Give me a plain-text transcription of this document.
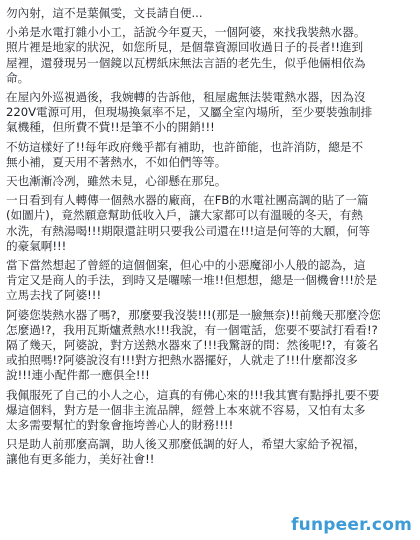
勿內射，這不是葉佩雯，文長請自便...
小弟是水電打雜小小工，話說今年夏天，一個阿婆，來找我裝熱水器。
照片裡是地家的狀況，如您所見，是個靠資源回收過日子的長者!!進到
屋裡，還發現另一個鏡以瓦楞紙床無法言語的老先生，似乎他倆相依為
命。
在屋內外巡視過後，我婉轉的告訴他，租屋處無法裝電熱水器，因為沒
220V電源可用，但現場換氣率不足，又屬全室內場所，至少要裝強制排
氣機種，但所費不貲!!是筆不小的開銷!!!
不妨這樣好了!!每年政府幾乎都有補助，也許節能，也許消防，總是不
無小補，夏天用不著熱水，不如伯們等等。
天也漸漸冷冽，雖然未見，心卻懸在那兒。
一日看到有人轉傳一個熱水器的廠商，在FB的水電社團高調的貼了一篇
(如圖片)，竟然願意幫助低收入戶，讓大家都可以有溫暖的冬天，有熱
水洗，有熱湯喝!!!期限還註明只要我公司還在!!!這是何等的大願，何等
的豪氣啊!!!
當下當然想起了曾經的這個個案，但心中的小惡魔卻小人般的認為，這
肯定又是商人的手法，到時又是囉嗦一堆!!但想想，總是一個機會!!!於是
立馬去找了阿婆!!!
阿婆您裝熱水器了嗎?，那麼要我沒裝!!!(那是一臉無奈)!!前幾天那麼冷您
怎麼過!?，我用瓦斯爐煮熱水!!!我說，有一個電話，您要不要試打看看!?
隔了幾天，阿婆說，對方送熱水器來了!!!我驚訝的問：然後呢!?，有簽名
或拍照嗎!?阿婆說沒有!!!對方把熱水器擺好，人就走了!!!什麼都沒多
說!!!連小配件都一應俱全!!!
我佩服死了自己的小人之心，這真的有佛心來的!!!我其實有點掙扎要不要
爆這個料，對方是一個非主流品牌，經營上本來就不容易，又怕有太多
太多需要幫忙的對象會拖垮善心人的財務!!!!
只是助人前那麼高調，助人後又那麼低調的好人，希望大家給予祝福，
讓他有更多能力，美好社會!!
funpeer.com
